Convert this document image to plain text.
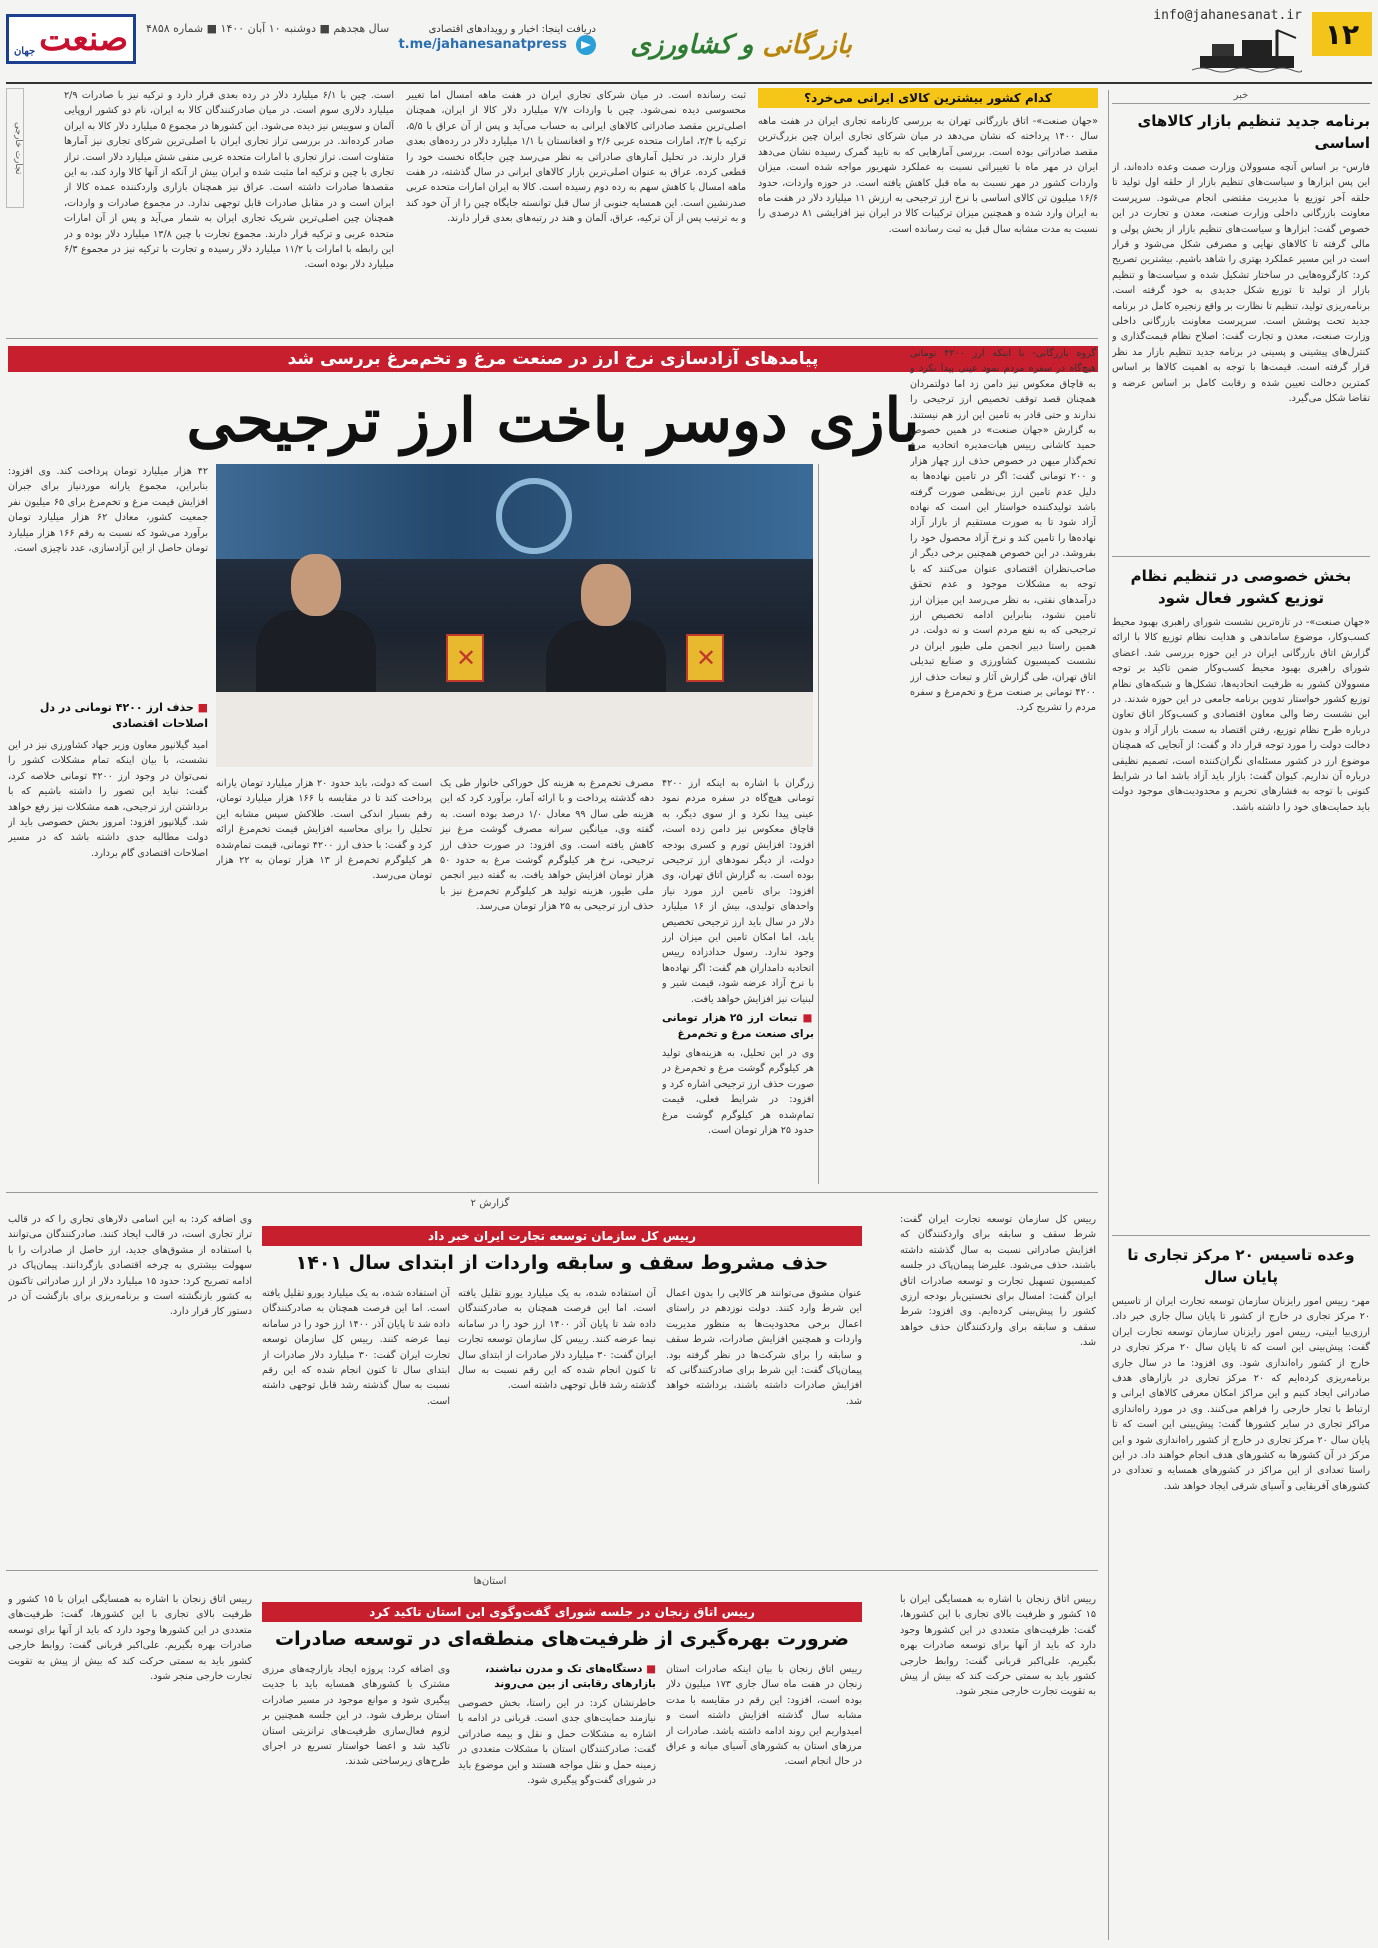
۱۲
info@jahanesanat.ir
بازرگانی و کشاورزی
دریافت اینجا: اخبار و رویدادهای اقتصادی
t.me/jahanesanatpress
سال هجدهم ■ دوشنبه ۱۰ آبان ۱۴۰۰ ■ شماره ۴۸۵۸
صنعت
جهان
خبر
برنامه جدید تنظیم بازار کالاهای اساسی
فارس- بر اساس آنچه مسوولان وزارت صمت وعده داده‌اند، از این پس ابزارها و سیاست‌های تنظیم بازار از حلقه اول تولید تا حلقه آخر توزیع با مدیریت مقتضی انجام می‌شود. سرپرست معاونت بازرگانی داخلی وزارت صنعت، معدن و تجارت در این خصوص گفت: ابزارها و سیاست‌های تنظیم بازار از بخش پولی و مالی گرفته تا کالاهای نهایی و مصرفی شکل می‌شود و قرار است در این مسیر عملکرد بهتری را شاهد باشیم. بیشترین تصریح کرد: کارگروه‌هایی در ساختار تشکیل شده و سیاست‌ها و تنظیم بازار از تولید تا توزیع شکل جدیدی به خود گرفته است. برنامه‌ریزی تولید، تنظیم تا نظارت بر واقع زنجیره کامل در برنامه جدید تحت پوشش است. سرپرست معاونت بازرگانی داخلی وزارت صنعت، معدن و تجارت گفت: اصلاح نظام قیمت‌گذاری و کنترل‌های پیشینی و پسینی در برنامه جدید تنظیم بازار مد نظر قرار گرفته است. قیمت‌ها با توجه به اهمیت کالاها بر اساس کمترین دخالت تعیین شده و رقابت کامل بر اساس عرضه و تقاضا شکل می‌گیرد.
بخش خصوصی در تنظیم نظام توزیع کشور فعال شود
«جهان صنعت»- در تازه‌ترین نشست شورای راهبری بهبود محیط کسب‌وکار، موضوع ساماندهی و هدایت نظام توزیع کالا با ارائه گزارش اتاق بازرگانی ایران در این حوزه بررسی شد. اعضای شورای راهبری بهبود محیط کسب‌وکار ضمن تاکید بر توجه مسوولان کشور به ظرفیت اتحادیه‌ها، تشکل‌ها و شبکه‌های نظام توزیع کشور خواستار تدوین برنامه جامعی در این حوزه شدند. در این نشست رضا والی معاون اقتصادی و کسب‌وکار اتاق تعاون درباره طرح نظام توزیع، رفتن اقتصاد به سمت بازار آزاد و بدون دخالت دولت را مورد توجه قرار داد و گفت: از آنجایی که همچنان موضوع ارز در کشور مسئله‌ای نگران‌کننده است، تصمیم نظیفی درباره آن نداریم. کیوان گفت: بازار باید آزاد باشد اما در شرایط کنونی با توجه به فشارهای تحریم و محدودیت‌های موجود دولت باید حمایت‌های خود را داشته باشد.
وعده تاسیس ۲۰ مرکز تجاری تا پایان سال
مهر- رییس امور رایزنان سازمان توسعه تجارت ایران از تاسیس ۲۰ مرکز تجاری در خارج از کشور تا پایان سال جاری خبر داد. ارزی‌بیا ابیتی، رییس امور رایزنان سازمان توسعه تجارت ایران گفت: پیش‌بینی این است که تا پایان سال ۲۰ مرکز تجاری در خارج از کشور راه‌اندازی شود. وی افزود: ما در سال جاری برنامه‌ریزی کرده‌ایم که ۲۰ مرکز تجاری در بازارهای هدف صادراتی ایجاد کنیم و این مراکز امکان معرفی کالاهای ایرانی و ارتباط با تجار خارجی را فراهم می‌کنند. وی در مورد راه‌اندازی مراکز تجاری در سایر کشورها گفت: پیش‌بینی این است که تا پایان سال ۲۰ مرکز تجاری در خارج از کشور راه‌اندازی شود و این مرکز در آن کشورها به کشورهای هدف انجام خواهند داد. در این راستا تعدادی از این مراکز در کشورهای همسایه و تعدادی در کشورهای آفریقایی و آسیای شرقی ایجاد خواهد شد.
کدام کشور بیشترین کالای ایرانی می‌خرد؟
«جهان صنعت»- اتاق بازرگانی تهران به بررسی کارنامه تجاری ایران در هفت ماهه سال ۱۴۰۰ پرداخته که نشان می‌دهد در میان شرکای تجاری ایران چین بزرگ‌ترین مقصد صادراتی بوده است. بررسی آمارهایی که به تایید گمرک رسیده نشان می‌دهد ایران در مهر ماه با تغییراتی نسبت به عملکرد شهریور مواجه شده است. میزان واردات کشور در مهر نسبت به ماه قبل کاهش یافته است. در حوزه واردات، حدود ۱۶/۶ میلیون تن کالای اساسی با نرخ ارز ترجیحی به ارزش ۱۱ میلیارد دلار در هفت ماه به ایران وارد شده و همچنین میزان ترکیبات کالا در ایران نیز افزایشی ۸۱ درصدی را نسبت به مدت مشابه سال قبل به ثبت رسانده است.
ثبت رسانده است. در میان شرکای تجاری ایران در هفت ماهه امسال اما تغییر محسوسی دیده نمی‌شود. چین با واردات ۷/۷ میلیارد دلار کالا از ایران، همچنان اصلی‌ترین مقصد صادراتی کالاهای ایرانی به حساب می‌آید و پس از آن عراق با ۵/۵، ترکیه با ۲/۴، امارات متحده عربی ۲/۶ و افغانستان با ۱/۱ میلیارد دلار در رده‌های بعدی قرار دارند. در تحلیل آمارهای صادراتی به نظر می‌رسد چین جایگاه نخست خود را قطعی کرده. عراق به عنوان اصلی‌ترین بازار کالاهای ایرانی در سال گذشته، در هفت ماهه امسال با کاهش سهم به رده دوم رسیده است. کالا به ایران امارات متحده عربی صدرنشین است. این همسایه جنوبی از سال قبل توانسته جایگاه چین را از آن خود کند و به ترتیب پس از آن ترکیه، عراق، آلمان و هند در رتبه‌های بعدی قرار دارند.
است. چین با ۶/۱ میلیارد دلار در رده بعدی قرار دارد و ترکیه نیز با صادرات ۲/۹ میلیارد دلاری سوم است. در میان صادرکنندگان کالا به ایران، نام دو کشور اروپایی آلمان و سوییس نیز دیده می‌شود. این کشورها در مجموع ۵ میلیارد دلار کالا به ایران صادر کرده‌اند. در بررسی تراز تجاری ایران با اصلی‌ترین شرکای تجاری نیز آمارها متفاوت است. تراز تجاری با امارات متحده عربی منفی شش میلیارد دلار است. تراز تجاری با چین و ترکیه اما مثبت شده و ایران بیش از آنکه از آنها کالا وارد کند، به این مقصدها صادرات داشته است. عراق نیز همچنان بازاری واردکننده عمده کالا از ایران است و در مقابل صادرات قابل توجهی ندارد. در مجموع صادرات و واردات، همچنان چین اصلی‌ترین شریک تجاری ایران به شمار می‌آید و پس از آن امارات متحده عربی و ترکیه قرار دارند. مجموع تجارت با چین ۱۳/۸ میلیارد دلار بوده و در این رابطه با امارات با ۱۱/۲ میلیارد دلار رسیده و تجارت با ترکیه نیز در مجموع ۶/۳ میلیارد دلار بوده است.
تجارت خارجی
پیامدهای آزادسازی نرخ ارز در صنعت مرغ و تخم‌مرغ بررسی شد
بازی دوسر باخت ارز ترجیحی
گروه بازرگانی- با اینکه ارز ۴۲۰۰ تومانی هیچ‌گاه در سفره مردم نمود عینی پیدا نکرد و به قاچاق معکوس نیز دامن زد اما دولتمردان همچنان قصد توقف تخصیص ارز ترجیحی را ندارند و حتی قادر به تامین این ارز هم نیستند. به گزارش «جهان صنعت» در همین خصوص حمید کاشانی رییس هیات‌مدیره اتحادیه مرغ تخم‌گذار میهن در خصوص حذف ارز چهار هزار و ۲۰۰ تومانی گفت: اگر در تامین نهاده‌ها به دلیل عدم تامین ارز بی‌نظمی صورت گرفته باشد تولیدکننده خواستار این است که نهاده آزاد شود تا به صورت مستقیم از بازار آزاد نهاده‌ها را تامین کند و نرخ آزاد محصول خود را بفروشد. در این خصوص همچنین برخی دیگر از صاحب‌نظران اقتصادی عنوان می‌کنند که با توجه به مشکلات موجود و عدم تحقق درآمدهای نفتی، به نظر می‌رسد این میزان ارز تامین نشود، بنابراین ادامه تخصیص ارز ترجیحی که به نفع مردم است و نه دولت. در همین راستا دبیر انجمن ملی طیور ایران در نشست کمیسیون کشاورزی و صنایع تبدیلی اتاق تهران، طی گزارش آثار و تبعات حذف ارز ۴۲۰۰ تومانی بر صنعت مرغ و تخم‌مرغ و سفره مردم را تشریح کرد.
✕
✕
۴۲ هزار میلیارد تومان پرداخت کند. وی افزود: بنابراین، مجموع یارانه موردنیاز برای جبران افزایش قیمت مرغ و تخم‌مرغ برای ۶۵ میلیون نفر جمعیت کشور، معادل ۶۲ هزار میلیارد تومان برآورد می‌شود که نسبت به رقم ۱۶۶ هزار میلیارد تومان حاصل از این آزادسازی، عدد ناچیزی است.
■ حذف ارز ۴۲۰۰ تومانی در دل اصلاحات اقتصادی
امید گیلانپور معاون وزیر جهاد کشاورزی نیز در این نشست، با بیان اینکه تمام مشکلات کشور را نمی‌توان در وجود ارز ۴۲۰۰ تومانی خلاصه کرد، گفت: نباید این تصور را داشته باشیم که با برداشتن ارز ترجیحی، همه مشکلات نیز رفع خواهد شد. گیلانپور افزود: امروز بخش خصوصی باید از دولت مطالبه جدی داشته باشد که در مسیر اصلاحات اقتصادی گام بردارد.
زرگران با اشاره به اینکه ارز ۴۲۰۰ تومانی هیچ‌گاه در سفره مردم نمود عینی پیدا نکرد و از سوی دیگر، به قاچاق معکوس نیز دامن زده است، افزود: افزایش تورم و کسری بودجه دولت، از دیگر نمودهای ارز ترجیحی بوده است. به گزارش اتاق تهران، وی افزود: برای تامین ارز مورد نیاز واحدهای تولیدی، بیش از ۱۶ میلیارد دلار در سال باید ارز ترجیحی تخصیص یابد، اما امکان تامین این میزان ارز وجود ندارد. رسول حدادزاده رییس اتحادیه دامداران هم گفت: اگر نهاده‌ها با نرخ آزاد عرضه شود، قیمت شیر و لبنیات نیز افزایش خواهد یافت.
■ تبعات ارز ۲۵ هزار تومانی برای صنعت مرغ و تخم‌مرغ
وی در این تحلیل، به هزینه‌های تولید هر کیلوگرم گوشت مرغ و تخم‌مرغ در صورت حذف ارز ترجیحی اشاره کرد و افزود: در شرایط فعلی، قیمت تمام‌شده هر کیلوگرم گوشت مرغ حدود ۲۵ هزار تومان است.
مصرف تخم‌مرغ به هزینه کل خوراکی خانوار طی یک دهه گذشته پرداخت و با ارائه آمار، برآورد کرد که این هزینه طی سال ۹۹ معادل ۱/۰ درصد بوده است. به گفته وی، میانگین سرانه مصرف گوشت مرغ نیز کاهش یافته است. وی افزود: در صورت حذف ارز ترجیحی، نرخ هر کیلوگرم گوشت مرغ به حدود ۵۰ هزار تومان افزایش خواهد یافت. به گفته دبیر انجمن ملی طیور، هزینه تولید هر کیلوگرم تخم‌مرغ نیز با حذف ارز ترجیحی به ۲۵ هزار تومان می‌رسد.
است که دولت، باید حدود ۲۰ هزار میلیارد تومان یارانه پرداخت کند تا در مقایسه با ۱۶۶ هزار میلیارد تومان، رقم بسیار اندکی است. طلاکش سپس مشابه این تحلیل را برای محاسبه افزایش قیمت تخم‌مرغ ارائه کرد و گفت: با حذف ارز ۴۲۰۰ تومانی، قیمت تمام‌شده هر کیلوگرم تخم‌مرغ از ۱۳ هزار تومان به ۲۲ هزار تومان می‌رسد.
گزارش ۲
رییس کل سازمان توسعه تجارت ایران خبر داد
حذف مشروط سقف و سابقه واردات از ابتدای سال ۱۴۰۱
رییس کل سازمان توسعه تجارت ایران گفت: شرط سقف و سابقه برای واردکنندگان که افزایش صادراتی نسبت به سال گذشته داشته باشند، حذف می‌شود. علیرضا پیمان‌پاک در جلسه کمیسیون تسهیل تجارت و توسعه صادرات اتاق ایران گفت: امسال برای نخستین‌بار بودجه ارزی کشور را پیش‌بینی کرده‌ایم. وی افزود: شرط سقف و سابقه برای واردکنندگان حذف خواهد شد.
عنوان مشوق می‌توانند هر کالایی را بدون اعمال این شرط وارد کنند. دولت نوزدهم در راستای اعمال برخی محدودیت‌ها به منظور مدیریت واردات و همچنین افزایش صادرات، شرط سقف و سابقه را برای شرکت‌ها در نظر گرفته بود. پیمان‌پاک گفت: این شرط برای صادرکنندگانی که افزایش صادرات داشته باشند، برداشته خواهد شد.
آن استفاده شده، به یک میلیارد یورو تقلیل یافته است. اما این فرصت همچنان به صادرکنندگان داده شد تا پایان آذر ۱۴۰۰ ارز خود را در سامانه نیما عرضه کنند. رییس کل سازمان توسعه تجارت ایران گفت: ۳۰ میلیارد دلار صادرات از ابتدای سال تا کنون انجام شده که این رقم نسبت به سال گذشته رشد قابل توجهی داشته است.
وی اضافه کرد: به این اسامی دلارهای تجاری را که در قالب تراز تجاری است، در قالب ایجاد کنند. صادرکنندگان می‌توانند با استفاده از مشوق‌های جدید، ارز حاصل از صادرات را با سهولت بیشتری به چرخه اقتصادی بازگردانند. پیمان‌پاک در ادامه تصریح کرد: حدود ۱۵ میلیارد دلار از ارز صادراتی تاکنون به کشور بازنگشته است و برنامه‌ریزی برای بازگشت آن در دستور کار قرار دارد.
آن استفاده شده، به یک میلیارد یورو تقلیل یافته است. اما این فرصت همچنان به صادرکنندگان داده شد تا پایان آذر ۱۴۰۰ ارز خود را در سامانه نیما عرضه کنند. رییس کل سازمان توسعه تجارت ایران گفت: ۳۰ میلیارد دلار صادرات از ابتدای سال تا کنون انجام شده که این رقم نسبت به سال گذشته رشد قابل توجهی داشته است.
استان‌ها
رییس اتاق زنجان در جلسه شورای گفت‌وگوی این استان تاکید کرد
ضرورت بهره‌گیری از ظرفیت‌های منطقه‌ای در توسعه صادرات
رییس اتاق زنجان با اشاره به همسایگی ایران با ۱۵ کشور و ظرفیت بالای تجاری با این کشورها، گفت: ظرفیت‌های متعددی در این کشورها وجود دارد که باید از آنها برای توسعه صادرات بهره بگیریم. علی‌اکبر قربانی گفت: روابط خارجی کشور باید به سمتی حرکت کند که بیش از پیش به تقویت تجارت خارجی منجر شود.
رییس اتاق زنجان با بیان اینکه صادرات استان زنجان در هفت ماه سال جاری ۱۷۳ میلیون دلار بوده است، افزود: این رقم در مقایسه با مدت مشابه سال گذشته افزایش داشته است و امیدواریم این روند ادامه داشته باشد. صادرات از مرزهای استان به کشورهای آسیای میانه و عراق در حال انجام است.
■ دستگاه‌های تک و مدرن نباشند، بازارهای رقابتی از بین می‌روند
خاطرنشان کرد: در این راستا، بخش خصوصی نیازمند حمایت‌های جدی است. قربانی در ادامه با اشاره به مشکلات حمل و نقل و بیمه صادراتی گفت: صادرکنندگان استان با مشکلات متعددی در زمینه حمل و نقل مواجه هستند و این موضوع باید در شورای گفت‌وگو پیگیری شود.
وی اضافه کرد: پروژه ایجاد بازارچه‌های مرزی مشترک با کشورهای همسایه باید با جدیت پیگیری شود و موانع موجود در مسیر صادرات استان برطرف شود. در این جلسه همچنین بر لزوم فعال‌سازی ظرفیت‌های ترانزیتی استان تاکید شد و اعضا خواستار تسریع در اجرای طرح‌های زیرساختی شدند.
رییس اتاق زنجان با اشاره به همسایگی ایران با ۱۵ کشور و ظرفیت بالای تجاری با این کشورها، گفت: ظرفیت‌های متعددی در این کشورها وجود دارد که باید از آنها برای توسعه صادرات بهره بگیریم. علی‌اکبر قربانی گفت: روابط خارجی کشور باید به سمتی حرکت کند که بیش از پیش به تقویت تجارت خارجی منجر شود.
